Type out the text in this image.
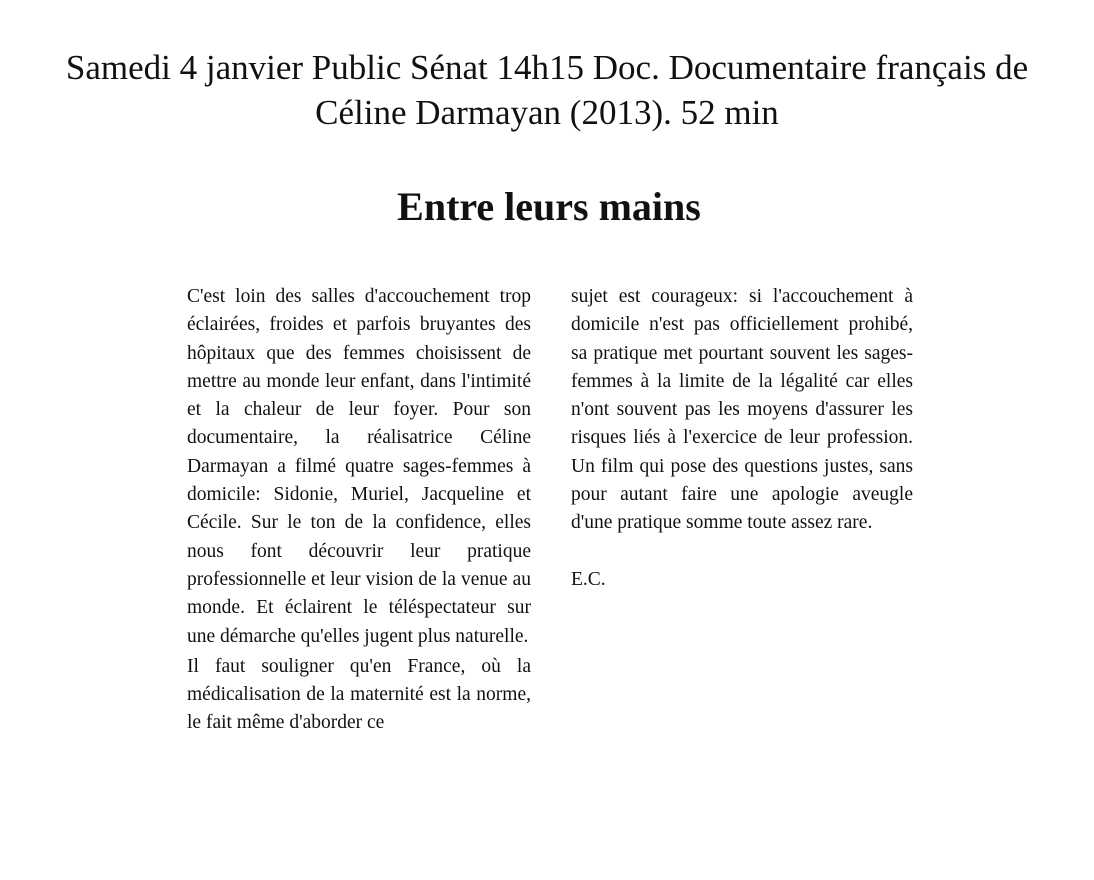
Samedi 4 janvier Public Sénat 14h15 Doc. Documentaire français de
Céline Darmayan (2013). 52 min
Entre leurs mains

C'est loin des salles d'accouchement trop éclairées, froides et parfois bruyantes des hôpitaux que des femmes choisissent de mettre au monde leur enfant, dans l'intimité et la chaleur de leur foyer. Pour son documentaire, la réalisatrice Céline Darmayan a filmé quatre sages-femmes à domicile: Sidonie, Muriel, Jacqueline et Cécile. Sur le ton de la confidence, elles nous font découvrir leur pratique professionnelle et leur vision de la venue au monde. Et éclairent le téléspectateur sur une démarche qu'elles jugent plus naturelle.

Il faut souligner qu'en France, où la médicalisation de la maternité est la norme, le fait même d'aborder ce

sujet est courageux: si l'accouchement à domicile n'est pas officiellement prohibé, sa pratique met pourtant souvent les sages-femmes à la limite de la légalité car elles n'ont souvent pas les moyens d'assurer les risques liés à l'exercice de leur profession. Un film qui pose des questions justes, sans pour autant faire une apologie aveugle d'une pratique somme toute assez rare.

E.C.
